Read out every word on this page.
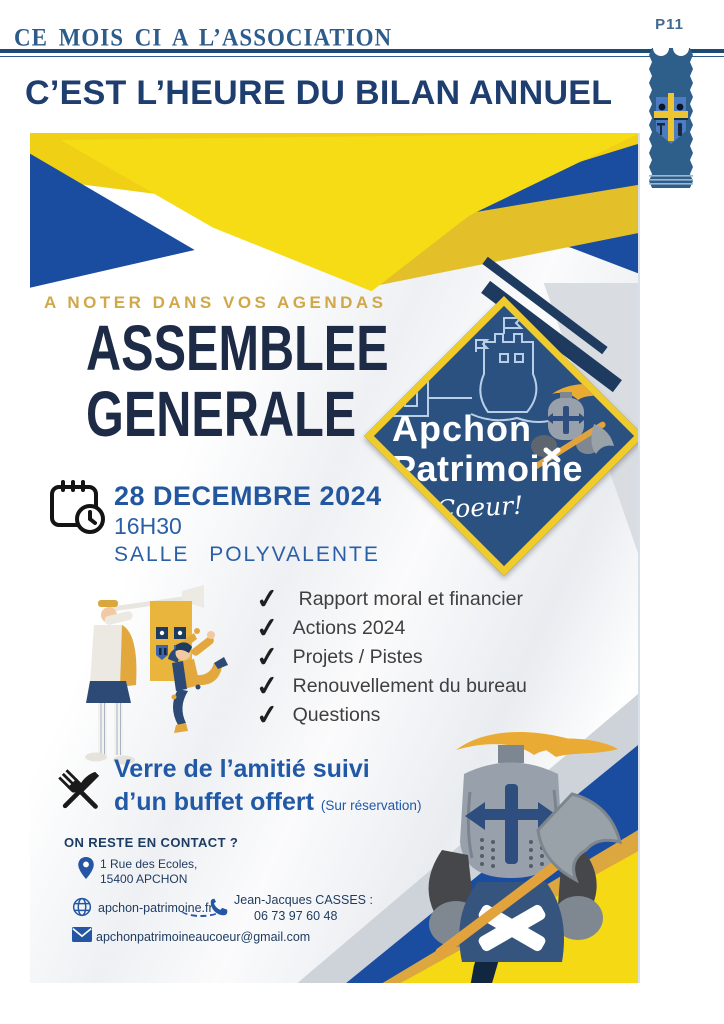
CE MOIS CI A L’ASSOCIATION	P11
C’EST L’HEURE DU BILAN ANNUEL
A NOTER DANS VOS AGENDAS
ASSEMBLEE
GENERALE Apchon
Patrimoine
Au Coeur!
28 DECEMBRE 2024
16H30
SALLE POLYVALENTE
✓ Rapport moral et financier
✓ Actions 2024
✓ Projets / Pistes
✓ Renouvellement du bureau
✓ Questions
Verre de l’amitié suivi
d’un buffet offert (Sur réservation)
ON RESTE EN CONTACT ?
1 Rue des Ecoles,
15400 APCHON
apchon-patrimoine.fr
Jean-Jacques CASSES :
06 73 97 60 48
apchonpatrimoineaucoeur@gmail.com
